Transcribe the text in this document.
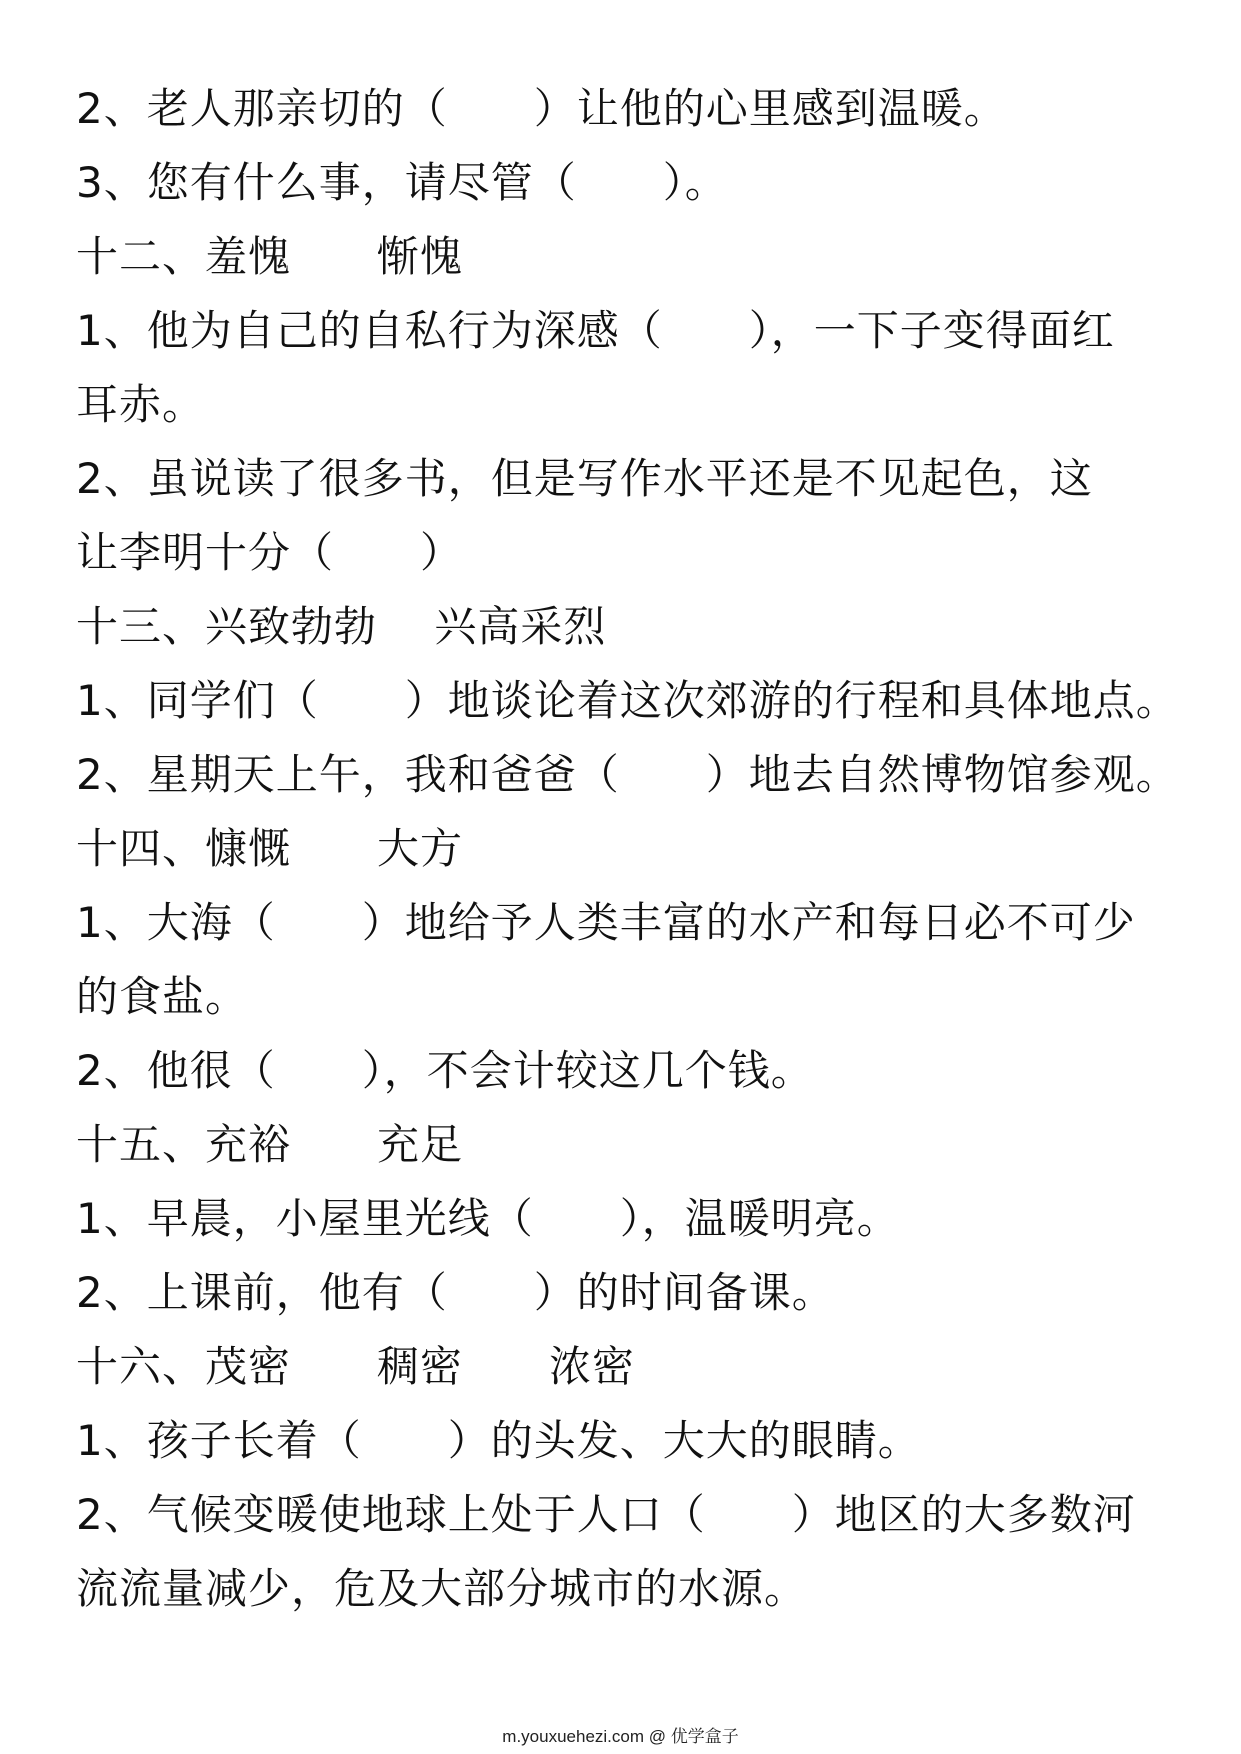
2、老人那亲切的（　　）让他的心里感到温暖。
3、您有什么事，请尽管（　　）。
十二、羞愧　　惭愧
1、他为自己的自私行为深感（　　），一下子变得面红
耳赤。
2、虽说读了很多书，但是写作水平还是不见起色，这
让李明十分（　　）
十三、兴致勃勃　 兴高采烈
1、同学们（　　）地谈论着这次郊游的行程和具体地点。
2、星期天上午，我和爸爸（　　）地去自然博物馆参观。
十四、慷慨　　大方
1、大海（　　）地给予人类丰富的水产和每日必不可少
的食盐。
2、他很（　　），不会计较这几个钱。
十五、充裕　　充足
1、早晨，小屋里光线（　　），温暖明亮。
2、上课前，他有（　　）的时间备课。
十六、茂密　　稠密　　浓密
1、孩子长着（　　）的头发、大大的眼睛。
2、气候变暖使地球上处于人口（　　）地区的大多数河
流流量减少，危及大部分城市的水源。
m.youxuehezi.com @ 优学盒子
